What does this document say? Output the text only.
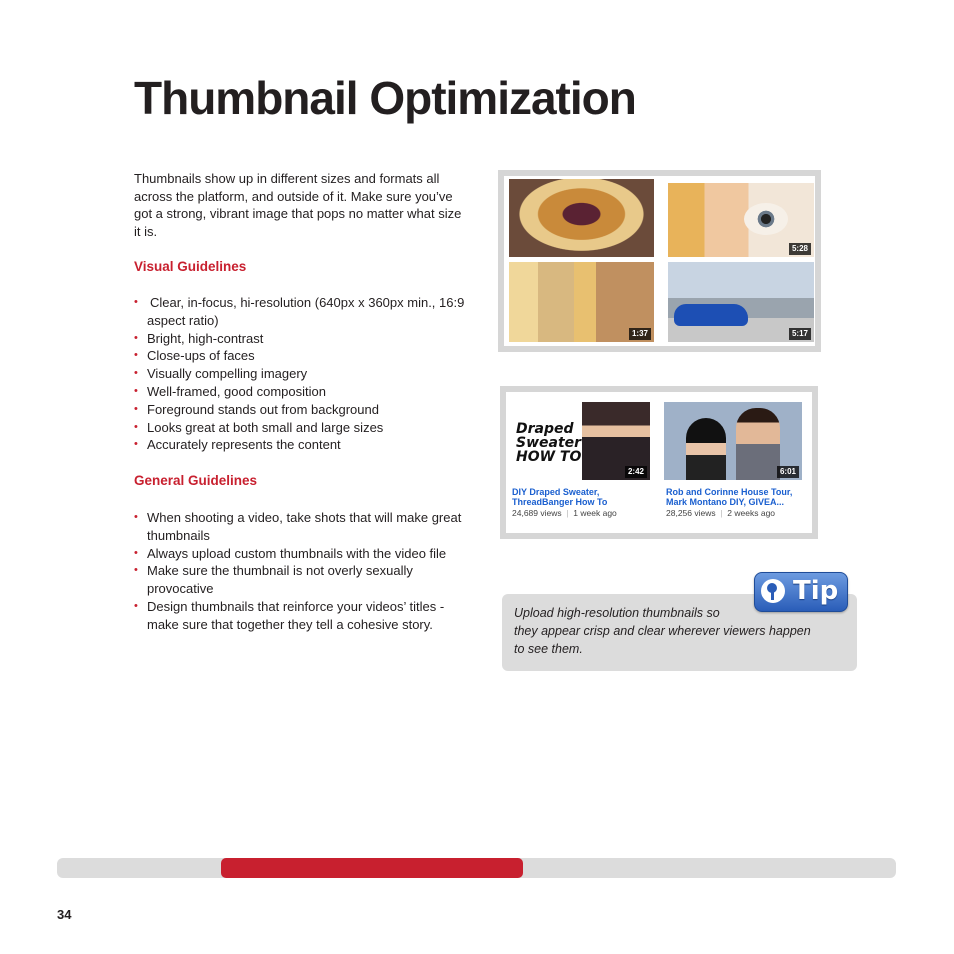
Thumbnail Optimization

Thumbnails show up in different sizes and formats all across the platform, and outside of it. Make sure you’ve got a strong, vibrant image that pops no matter what size it is.

Visual Guidelines
• Clear, in-focus, hi-resolution (640px x 360px min., 16:9 aspect ratio)
• Bright, high-contrast
• Close-ups of faces
• Visually compelling imagery
• Well-framed, good composition
• Foreground stands out from background
• Looks great at both small and large sizes
• Accurately represents the content
General Guidelines
• When shooting a video, take shots that will make great thumbnails
• Always upload custom thumbnails with the video file
• Make sure the thumbnail is not overly sexually provocative
• Design thumbnails that reinforce your videos’ titles - make sure that together they tell a cohesive story.
5:28
1:37	5:17
Draped
Sweater
HOW TO
2:42	6:01
DIY Draped Sweater, ThreadBanger How To
Rob and Corinne House Tour, Mark Montano DIY, GIVEA...
24,689 views  |  1 week ago	28,256 views  |  2 weeks ago

Upload high-resolution thumbnails so
they appear crisp and clear wherever viewers happen
to see them.

Tip
34
